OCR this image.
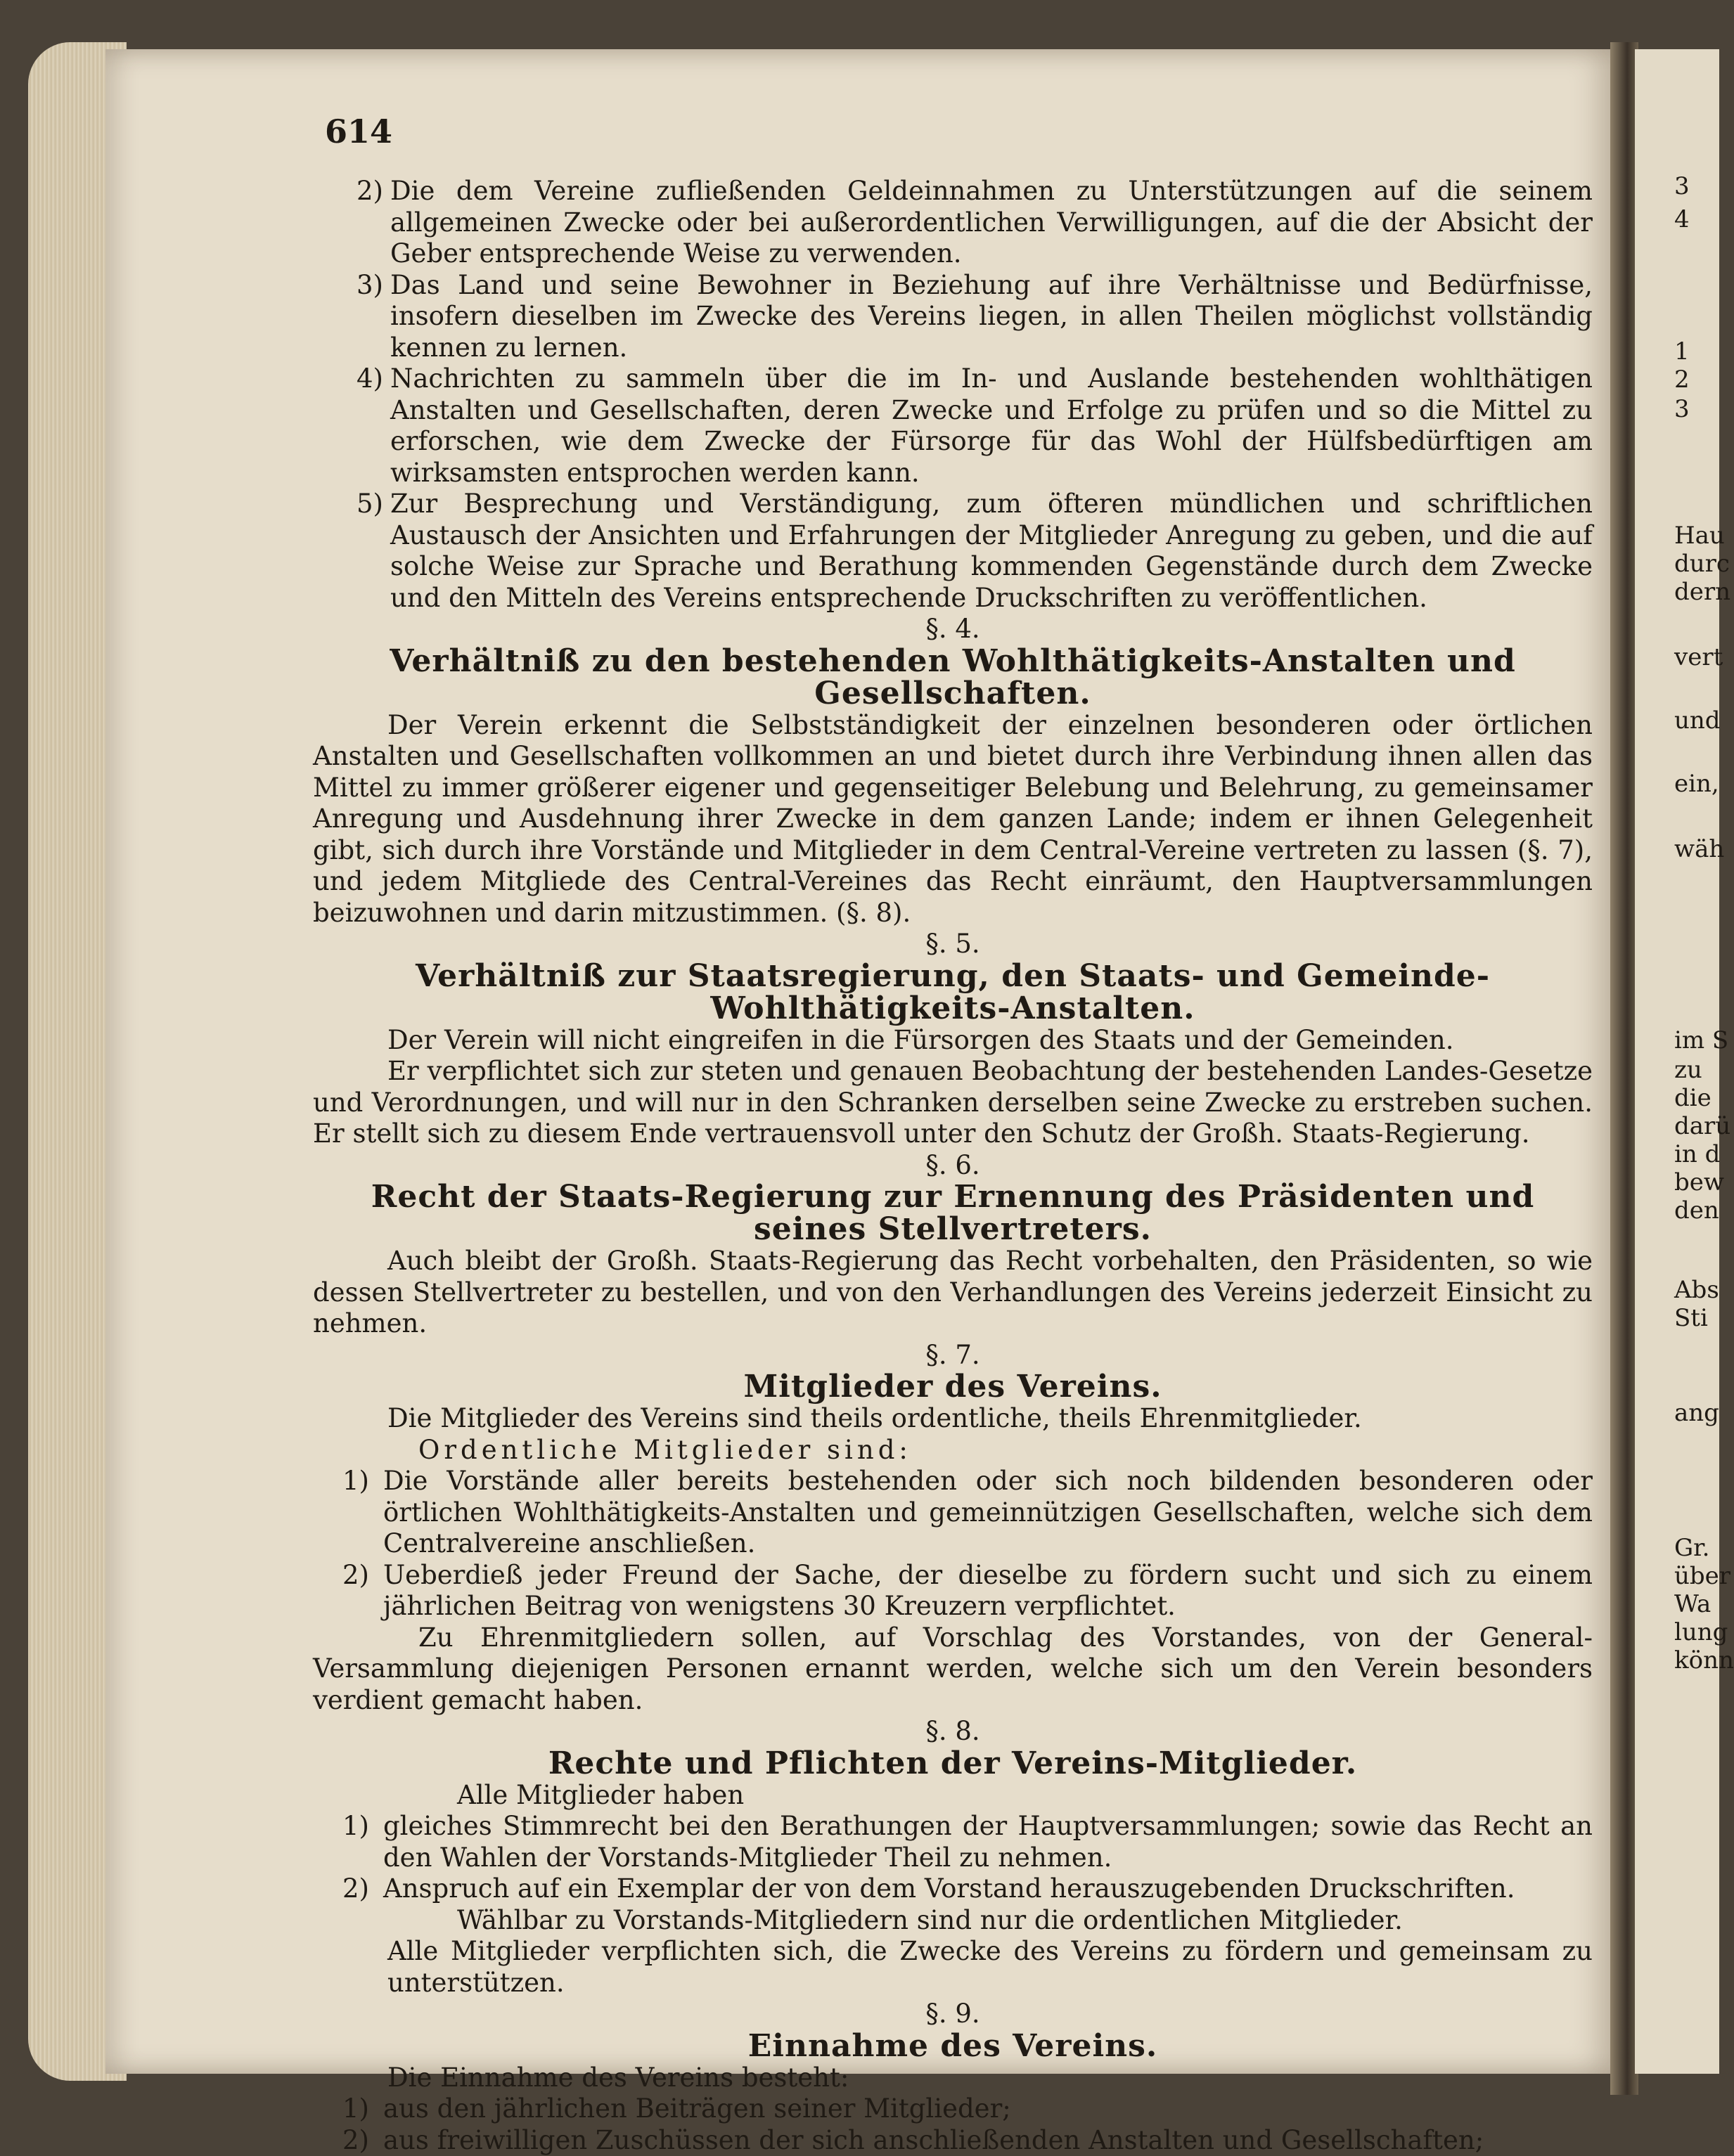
3
4
1
2
3
Hau
durc
dern
vert
und
ein,
wäh
im S
zu
die
darü
in d
bew
den
Abs
Sti
ang
Gr.
über
Wa
lung
könn
614
2) Die dem Vereine zufließenden Geldeinnahmen zu Unterstützungen auf die seinem allgemeinen Zwecke oder bei außerordentlichen Verwilligungen, auf die der Absicht der Geber entsprechende Weise zu verwenden.
3) Das Land und seine Bewohner in Beziehung auf ihre Verhältnisse und Bedürfnisse, insofern dieselben im Zwecke des Vereins liegen, in allen Theilen möglichst vollständig kennen zu lernen.
4) Nachrichten zu sammeln über die im In- und Auslande bestehenden wohlthätigen Anstalten und Gesellschaften, deren Zwecke und Erfolge zu prüfen und so die Mittel zu erforschen, wie dem Zwecke der Fürsorge für das Wohl der Hülfsbedürftigen am wirksamsten entsprochen werden kann.
5) Zur Besprechung und Verständigung, zum öfteren mündlichen und schriftlichen Austausch der Ansichten und Erfahrungen der Mitglieder Anregung zu geben, und die auf solche Weise zur Sprache und Berathung kommenden Gegenstände durch dem Zwecke und den Mitteln des Vereins entsprechende Druckschriften zu veröffentlichen.
§. 4.
Verhältniß zu den bestehenden Wohlthätigkeits-Anstalten und Gesellschaften.

Der Verein erkennt die Selbstständigkeit der einzelnen besonderen oder örtlichen Anstalten und Gesellschaften vollkommen an und bietet durch ihre Verbindung ihnen allen das Mittel zu immer größerer eigener und gegenseitiger Belebung und Belehrung, zu gemeinsamer Anregung und Ausdehnung ihrer Zwecke in dem ganzen Lande; indem er ihnen Gelegenheit gibt, sich durch ihre Vorstände und Mitglieder in dem Central-Vereine vertreten zu lassen (§. 7), und jedem Mitgliede des Central-Vereines das Recht einräumt, den Hauptversammlungen beizuwohnen und darin mitzustimmen. (§. 8).

§. 5.
Verhältniß zur Staatsregierung, den Staats- und Gemeinde-Wohlthätigkeits-Anstalten.

Der Verein will nicht eingreifen in die Fürsorgen des Staats und der Gemeinden.

Er verpflichtet sich zur steten und genauen Beobachtung der bestehenden Landes-Gesetze und Verordnungen, und will nur in den Schranken derselben seine Zwecke zu erstreben suchen. Er stellt sich zu diesem Ende vertrauensvoll unter den Schutz der Großh. Staats-Regierung.

§. 6.
Recht der Staats-Regierung zur Ernennung des Präsidenten und seines Stellvertreters.

Auch bleibt der Großh. Staats-Regierung das Recht vorbehalten, den Präsidenten, so wie dessen Stellvertreter zu bestellen, und von den Verhandlungen des Vereins jederzeit Einsicht zu nehmen.

§. 7.
Mitglieder des Vereins.

Die Mitglieder des Vereins sind theils ordentliche, theils Ehrenmitglieder.

Ordentliche Mitglieder sind:

1) Die Vorstände aller bereits bestehenden oder sich noch bildenden besonderen oder örtlichen Wohlthätigkeits-Anstalten und gemeinnützigen Gesellschaften, welche sich dem Centralvereine anschließen.
2) Ueberdieß jeder Freund der Sache, der dieselbe zu fördern sucht und sich zu einem jährlichen Beitrag von wenigstens 30 Kreuzern verpflichtet.

Zu Ehrenmitgliedern sollen, auf Vorschlag des Vorstandes, von der General-Versammlung diejenigen Personen ernannt werden, welche sich um den Verein besonders verdient gemacht haben.

§. 8.
Rechte und Pflichten der Vereins-Mitglieder.

Alle Mitglieder haben

1) gleiches Stimmrecht bei den Berathungen der Hauptversammlungen; sowie das Recht an den Wahlen der Vorstands-Mitglieder Theil zu nehmen.
2) Anspruch auf ein Exemplar der von dem Vorstand herauszugebenden Druckschriften.

Wählbar zu Vorstands-Mitgliedern sind nur die ordentlichen Mitglieder.

Alle Mitglieder verpflichten sich, die Zwecke des Vereins zu fördern und gemeinsam zu unterstützen.

§. 9.
Einnahme des Vereins.

Die Einnahme des Vereins besteht:

1) aus den jährlichen Beiträgen seiner Mitglieder;
2) aus freiwilligen Zuschüssen der sich anschließenden Anstalten und Gesellschaften;
